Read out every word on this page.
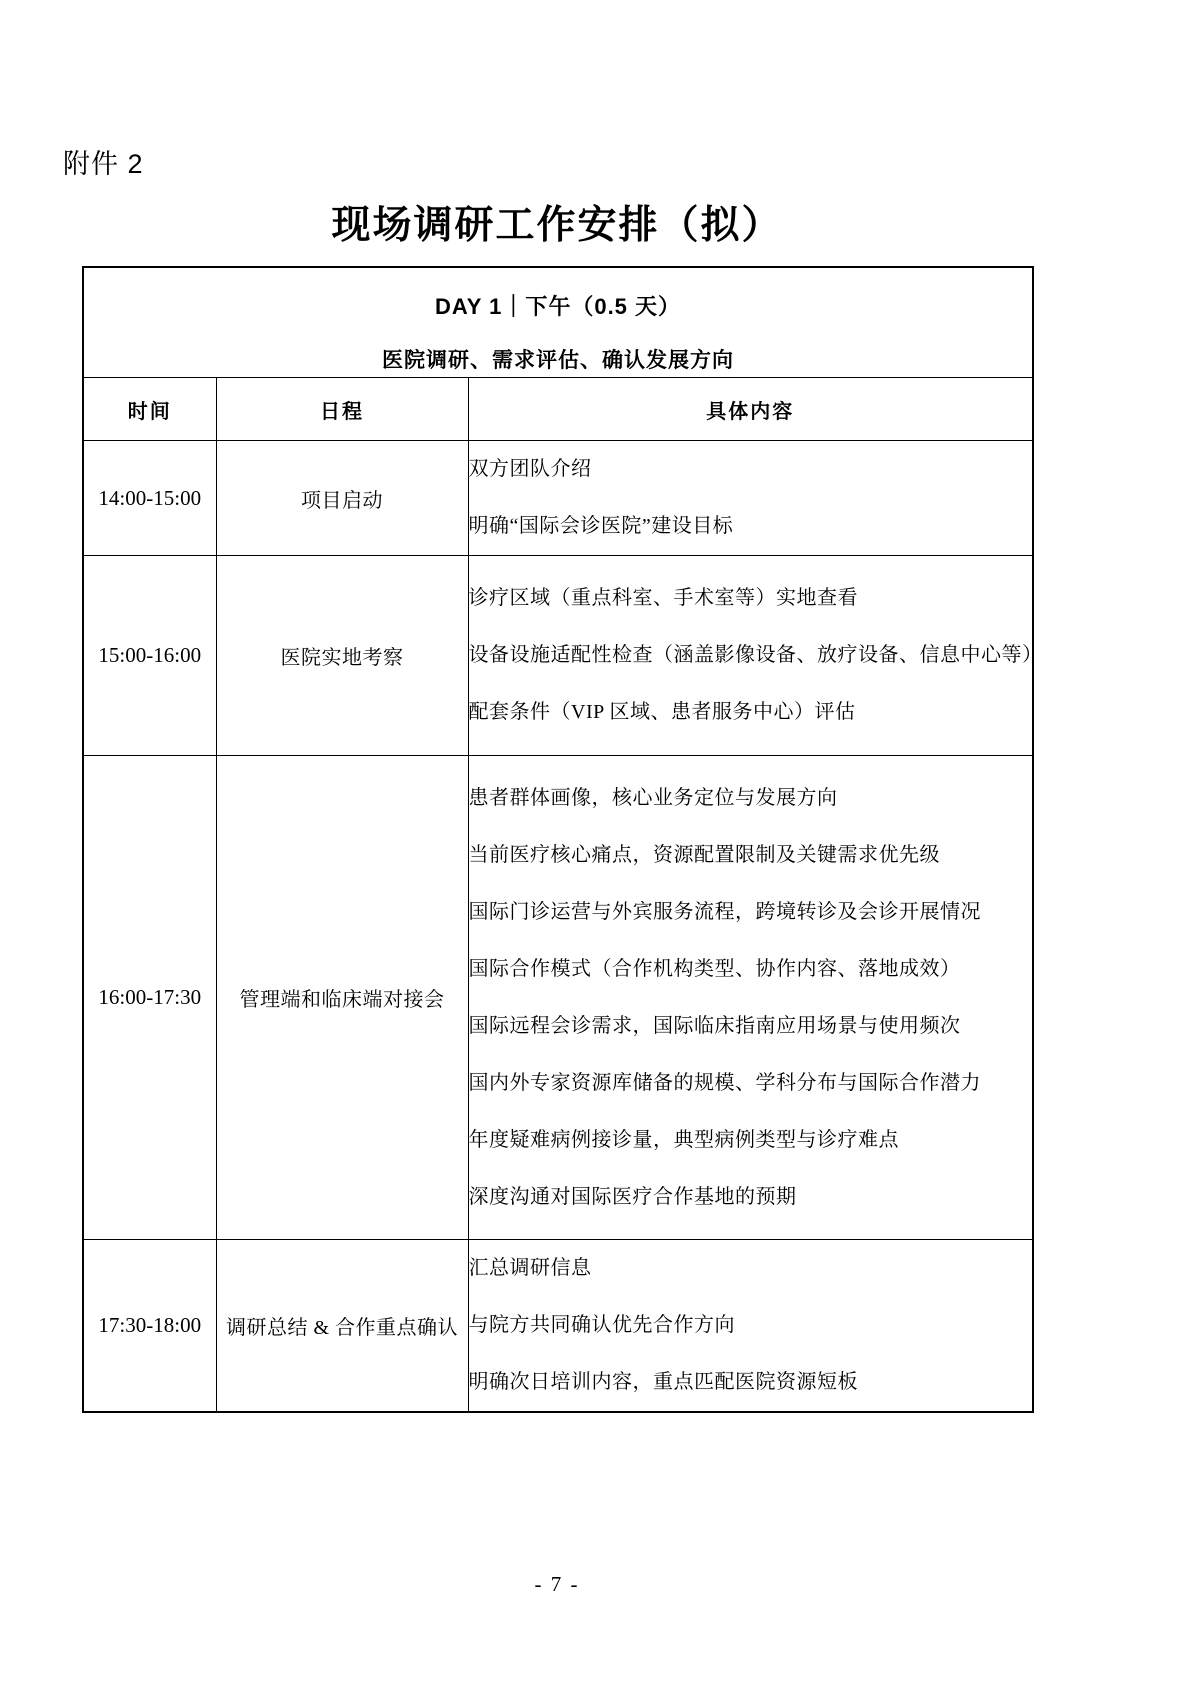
附件 2
现场调研工作安排（拟）
DAY 1｜下午（0.5 天）
医院调研、需求评估、确认发展方向		

时间	日程	具体内容
14:00-15:00	项目启动	双方团队介绍
明确“国际会诊医院”建设目标

15:00-16:00	医院实地考察	诊疗区域（重点科室、手术室等）实地查看
设备设施适配性检查（涵盖影像设备、放疗设备、信息中心等）
配套条件（VIP 区域、患者服务中心）评估

16:00-17:30	管理端和临床端对接会	
患者群体画像，核心业务定位与发展方向
当前医疗核心痛点，资源配置限制及关键需求优先级
国际门诊运营与外宾服务流程，跨境转诊及会诊开展情况
国际合作模式（合作机构类型、协作内容、落地成效）
国际远程会诊需求，国际临床指南应用场景与使用频次
国内外专家资源库储备的规模、学科分布与国际合作潜力
年度疑难病例接诊量，典型病例类型与诊疗难点
深度沟通对国际医疗合作基地的预期

17:30-18:00	调研总结 & 合作重点确认	汇总调研信息
与院方共同确认优先合作方向
明确次日培训内容，重点匹配医院资源短板
- 7 -
